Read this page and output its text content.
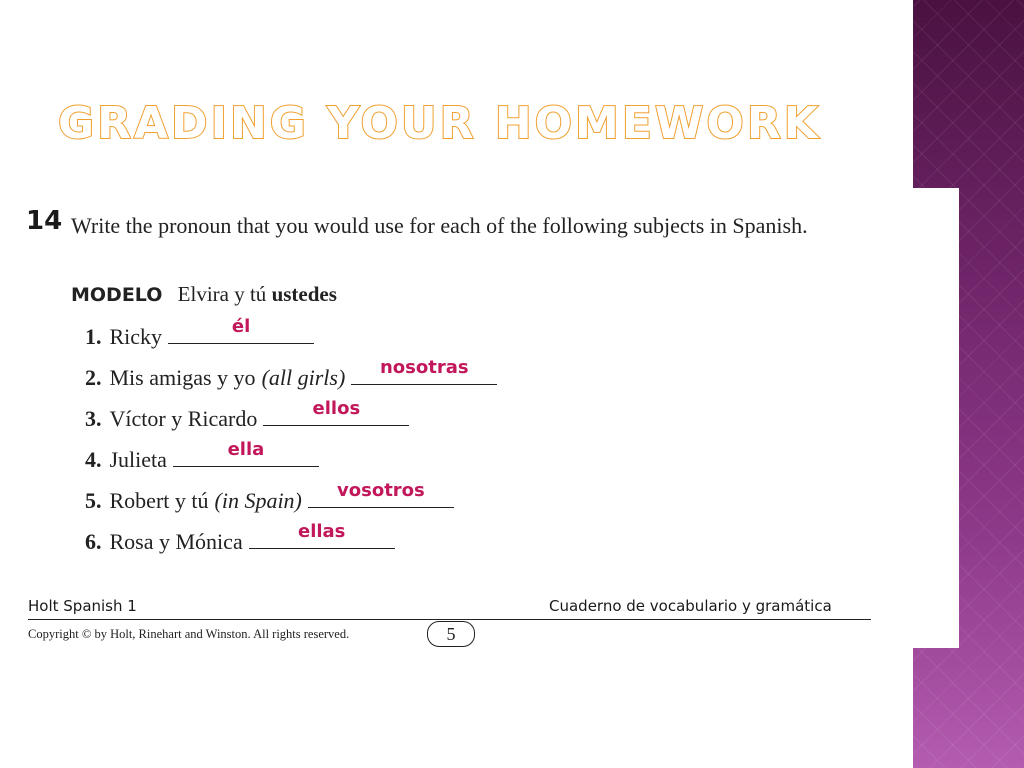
GRADING YOUR HOMEWORK
14 Write the pronoun that you would use for each of the following subjects in Spanish.
MODELO Elvira y tú ustedes
1. Ricky	él
2. Mis amigas y yo (all girls)	nosotras
3. Víctor y Ricardo	ellos
4. Julieta	ella
5. Robert y tú (in Spain)	vosotros
6. Rosa y Mónica	ellas
Holt Spanish 1	Cuaderno de vocabulario y gramática
Copyright © by Holt, Rinehart and Winston. All rights reserved.	5
